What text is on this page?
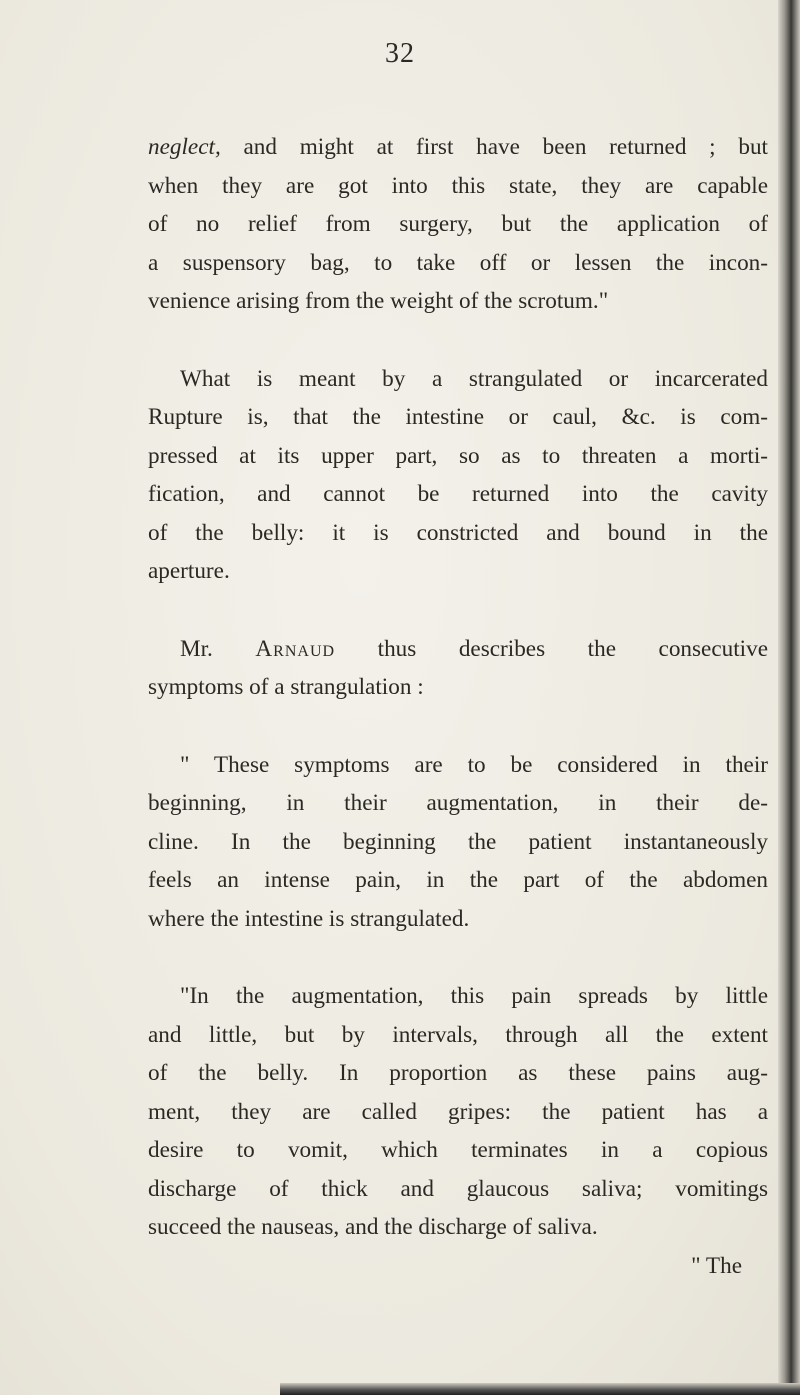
32
neglect, and might at first have been returned ; but
when they are got into this state, they are capable
of no relief from surgery, but the application of
a suspensory bag, to take off or lessen the incon-
venience arising from the weight of the scrotum."
What is meant by a strangulated or incarcerated
Rupture is, that the intestine or caul, &c. is com-
pressed at its upper part, so as to threaten a morti-
fication, and cannot be returned into the cavity
of the belly: it is constricted and bound in the
aperture.
Mr. Arnaud thus describes the consecutive
symptoms of a strangulation :
" These symptoms are to be considered in their
beginning, in their augmentation, in their de-
cline. In the beginning the patient instantaneously
feels an intense pain, in the part of the abdomen
where the intestine is strangulated.
"In the augmentation, this pain spreads by little
and little, but by intervals, through all the extent
of the belly. In proportion as these pains aug-
ment, they are called gripes: the patient has a
desire to vomit, which terminates in a copious
discharge of thick and glaucous saliva; vomitings
succeed the nauseas, and the discharge of saliva.
" The
